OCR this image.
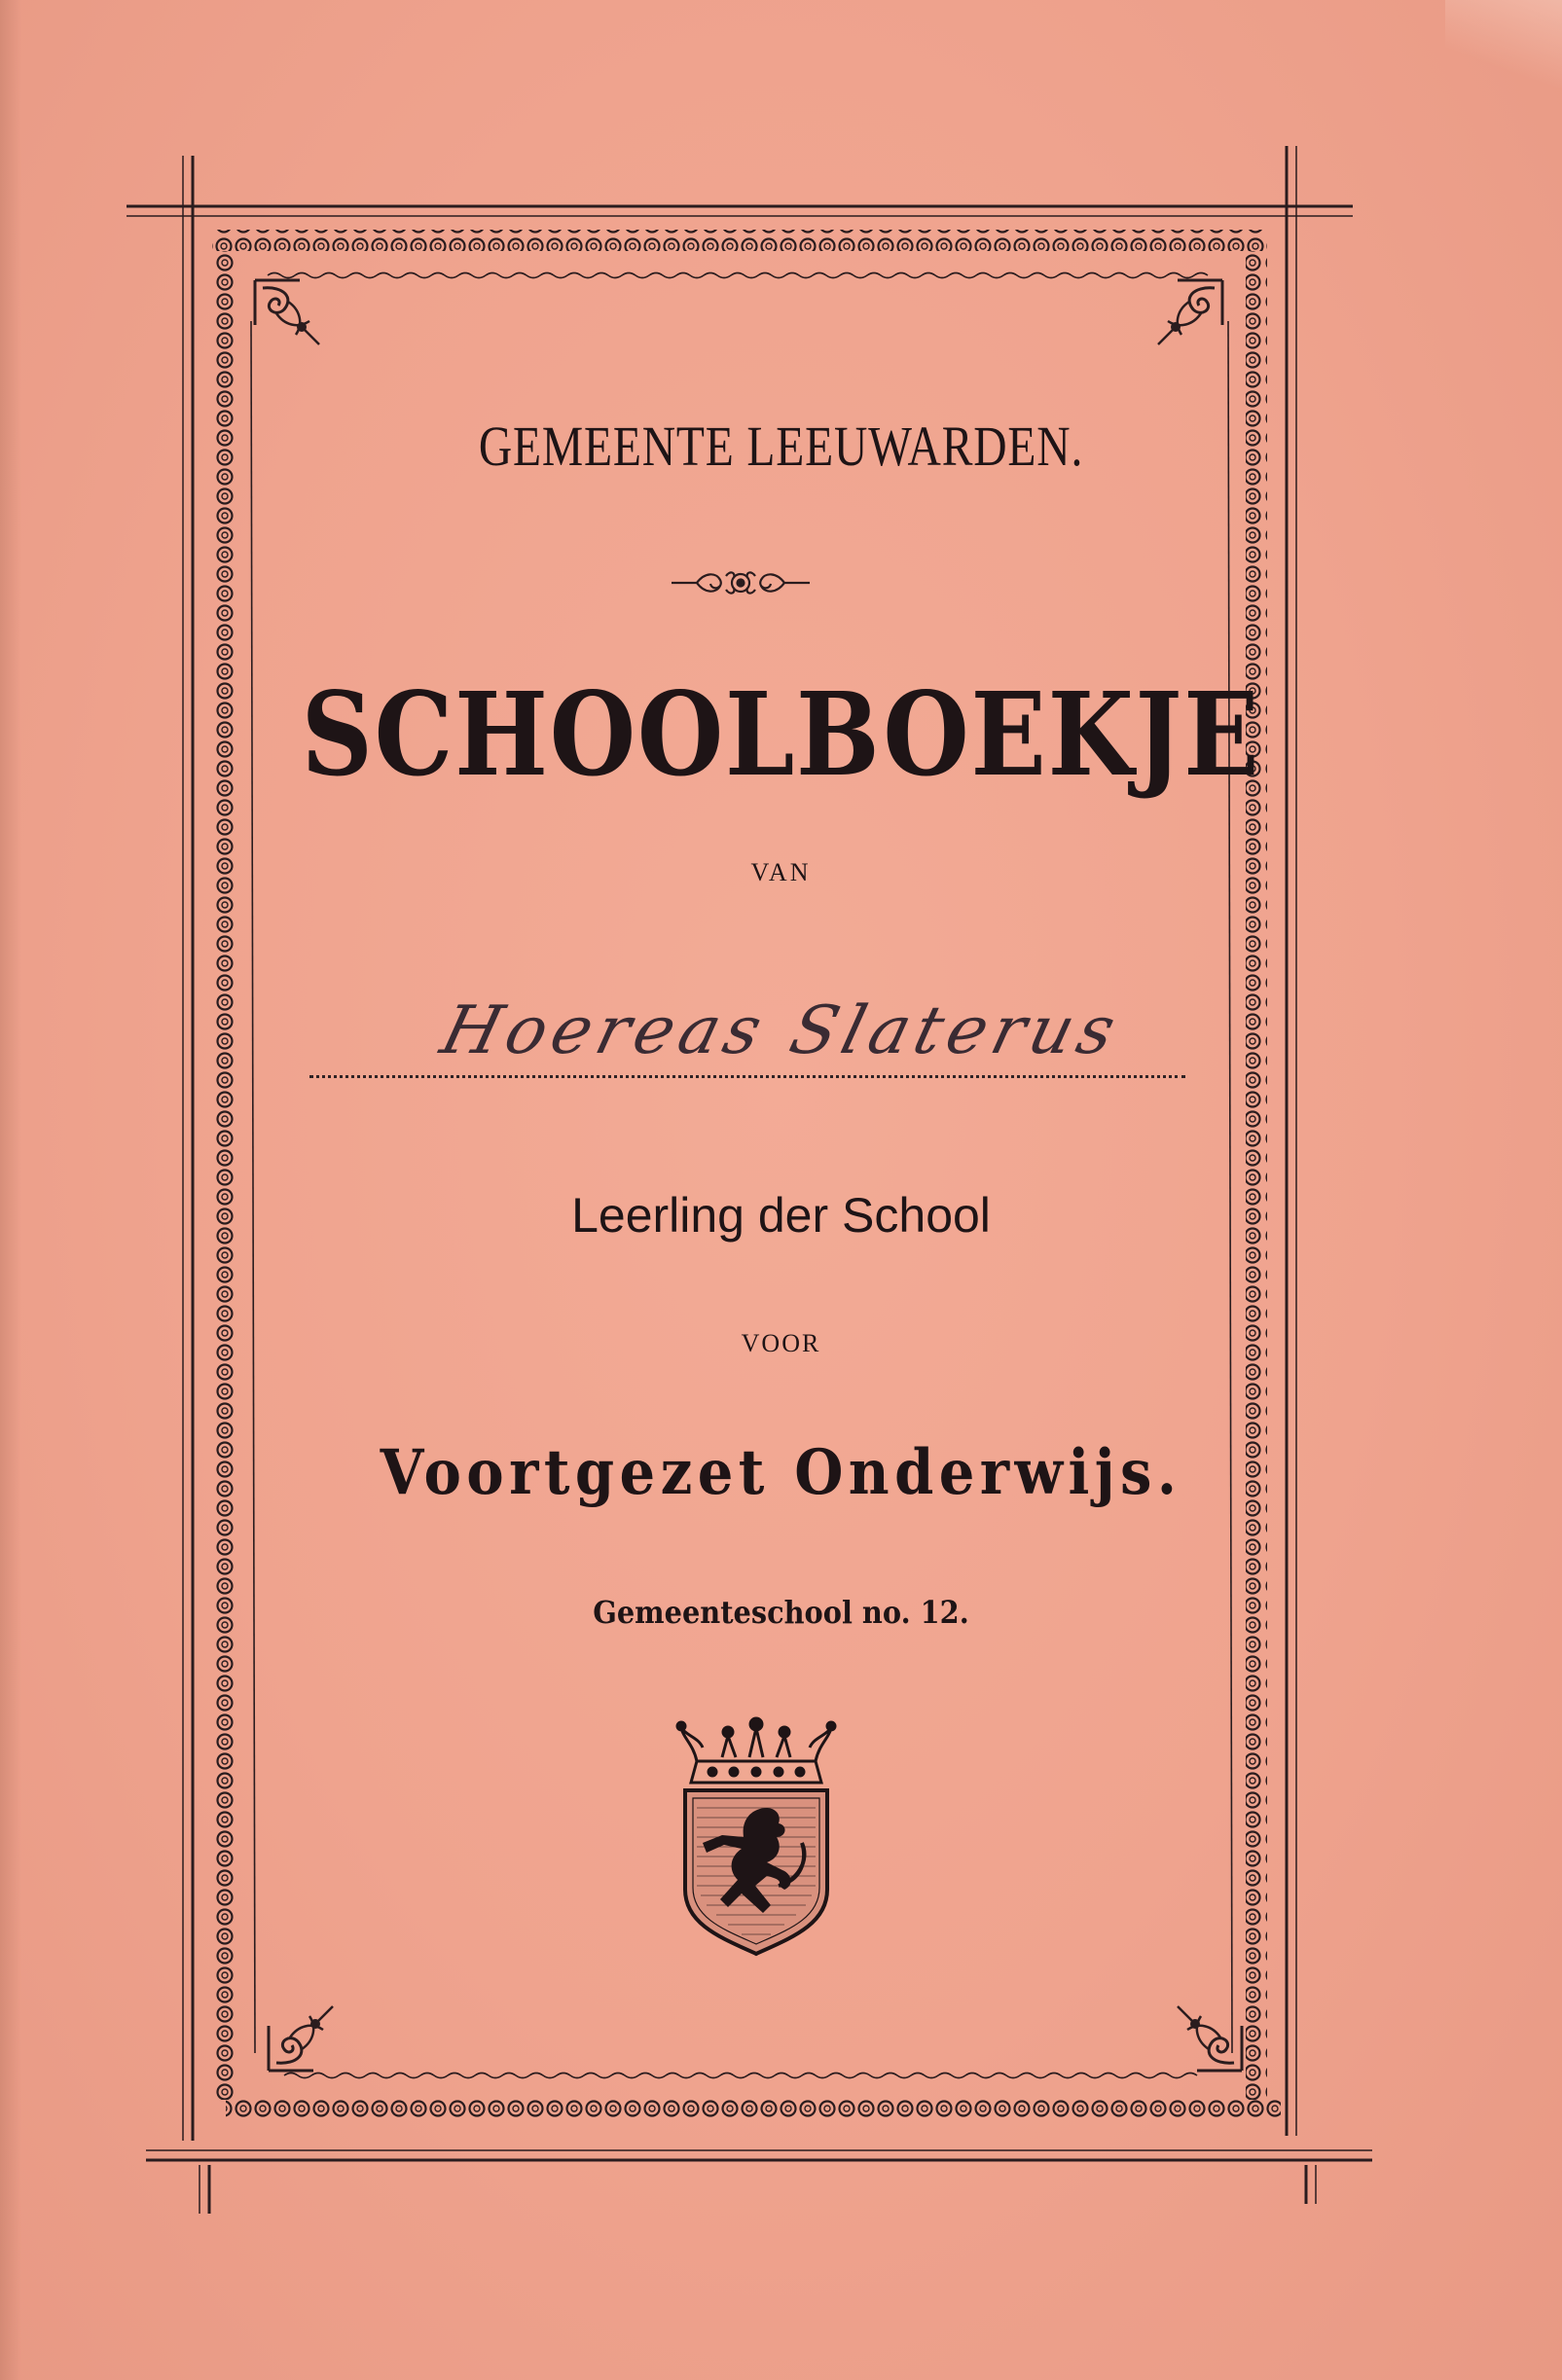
GEMEENTE LEEUWARDEN.
SCHOOLBOEKJE

VAN

Hoereas Slaterus

Leerling der School

VOOR

Voortgezet Onderwijs.

Gemeenteschool no. 12.
